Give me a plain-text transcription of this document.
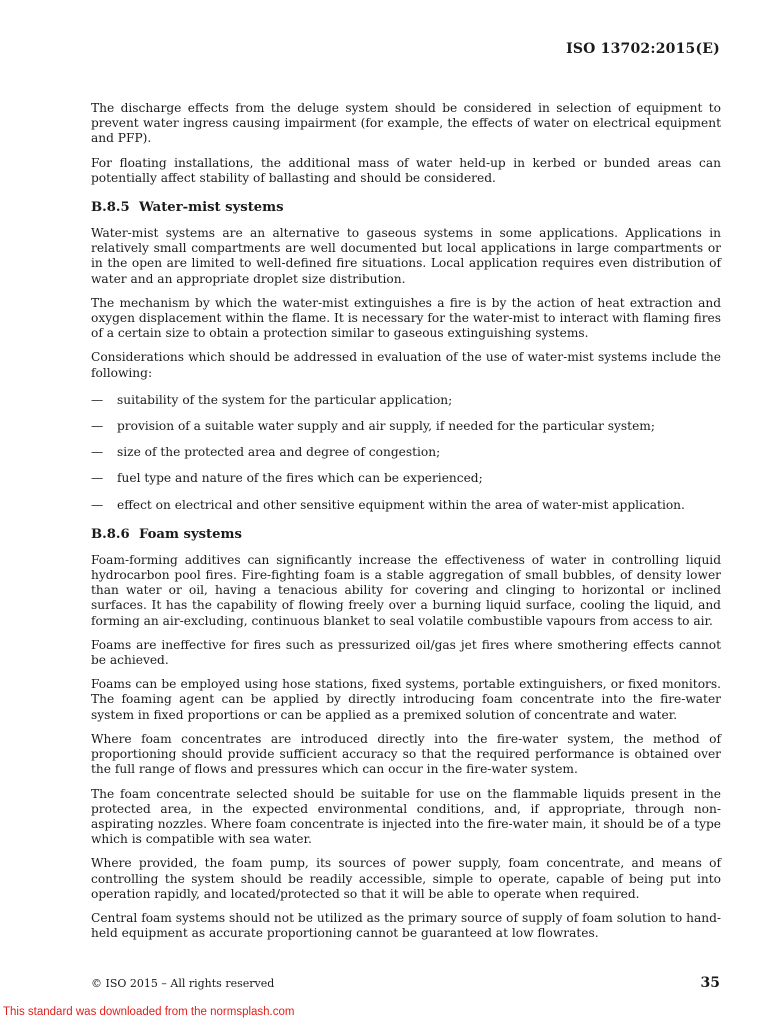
ISO 13702:2015(E)

The discharge effects from the deluge system should be considered in selection of equipment to prevent water ingress causing impairment (for example, the effects of water on electrical equipment and PFP).

For floating installations, the additional mass of water held-up in kerbed or bunded areas can potentially affect stability of ballasting and should be considered.

B.8.5 Water-mist systems

Water-mist systems are an alternative to gaseous systems in some applications. Applications in relatively small compartments are well documented but local applications in large compartments or in the open are limited to well-defined fire situations. Local application requires even distribution of water and an appropriate droplet size distribution.

The mechanism by which the water-mist extinguishes a fire is by the action of heat extraction and oxygen displacement within the flame. It is necessary for the water-mist to interact with flaming fires of a certain size to obtain a protection similar to gaseous extinguishing systems.

Considerations which should be addressed in evaluation of the use of water-mist systems include the following:

— suitability of the system for the particular application;
— provision of a suitable water supply and air supply, if needed for the particular system;
— size of the protected area and degree of congestion;
— fuel type and nature of the fires which can be experienced;
— effect on electrical and other sensitive equipment within the area of water-mist application.
B.8.6 Foam systems

Foam-forming additives can significantly increase the effectiveness of water in controlling liquid hydrocarbon pool fires. Fire-fighting foam is a stable aggregation of small bubbles, of density lower than water or oil, having a tenacious ability for covering and clinging to horizontal or inclined surfaces. It has the capability of flowing freely over a burning liquid surface, cooling the liquid, and forming an air-excluding, continuous blanket to seal volatile combustible vapours from access to air.

Foams are ineffective for fires such as pressurized oil/gas jet fires where smothering effects cannot be achieved.

Foams can be employed using hose stations, fixed systems, portable extinguishers, or fixed monitors. The foaming agent can be applied by directly introducing foam concentrate into the fire-water system in fixed proportions or can be applied as a premixed solution of concentrate and water.

Where foam concentrates are introduced directly into the fire-water system, the method of proportioning should provide sufficient accuracy so that the required performance is obtained over the full range of flows and pressures which can occur in the fire-water system.

The foam concentrate selected should be suitable for use on the flammable liquids present in the protected area, in the expected environmental conditions, and, if appropriate, through non-aspirating nozzles. Where foam concentrate is injected into the fire-water main, it should be of a type which is compatible with sea water.

Where provided, the foam pump, its sources of power supply, foam concentrate, and means of controlling the system should be readily accessible, simple to operate, capable of being put into operation rapidly, and located/protected so that it will be able to operate when required.

Central foam systems should not be utilized as the primary source of supply of foam solution to hand-held equipment as accurate proportioning cannot be guaranteed at low flowrates.

© ISO 2015 – All rights reserved	35
This standard was downloaded from the normsplash.com
